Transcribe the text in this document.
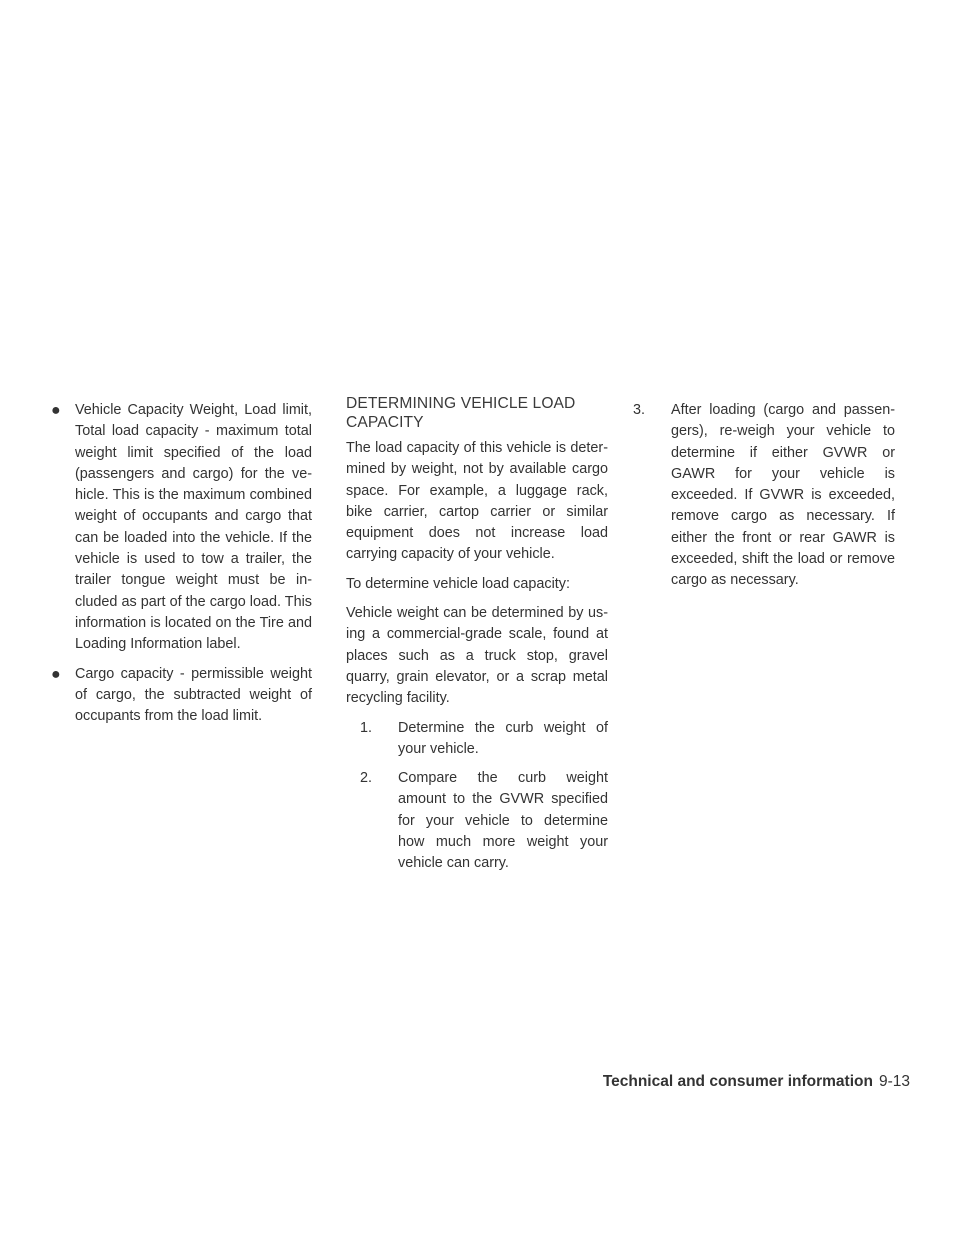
● Vehicle Capacity Weight, Load limit, Total load capacity - maximum total weight limit specified of the load (passengers and cargo) for the vehicle. This is the maximum combined weight of occupants and cargo that can be loaded into the vehicle. If the vehicle is used to tow a trailer, the trailer tongue weight must be included as part of the cargo load. This information is located on the Tire and Loading Information label.
● Cargo capacity - permissible weight of cargo, the subtracted weight of occupants from the load limit.
DETERMINING VEHICLE LOAD CAPACITY

The load capacity of this vehicle is determined by weight, not by available cargo space. For example, a luggage rack, bike carrier, cartop carrier or similar equipment does not increase load carrying capacity of your vehicle.

To determine vehicle load capacity:

Vehicle weight can be determined by using a commercial-grade scale, found at places such as a truck stop, gravel quarry, grain elevator, or a scrap metal recycling facility.

1.	Determine the curb weight of your vehicle.
2.	Compare the curb weight amount to the GVWR specified for your vehicle to determine how much more weight your vehicle can carry.
3.	After loading (cargo and passengers), re-weigh your vehicle to determine if either GVWR or GAWR for your vehicle is exceeded. If GVWR is exceeded, remove cargo as necessary. If either the front or rear GAWR is exceeded, shift the load or remove cargo as necessary.
Technical and consumer information 9-13
